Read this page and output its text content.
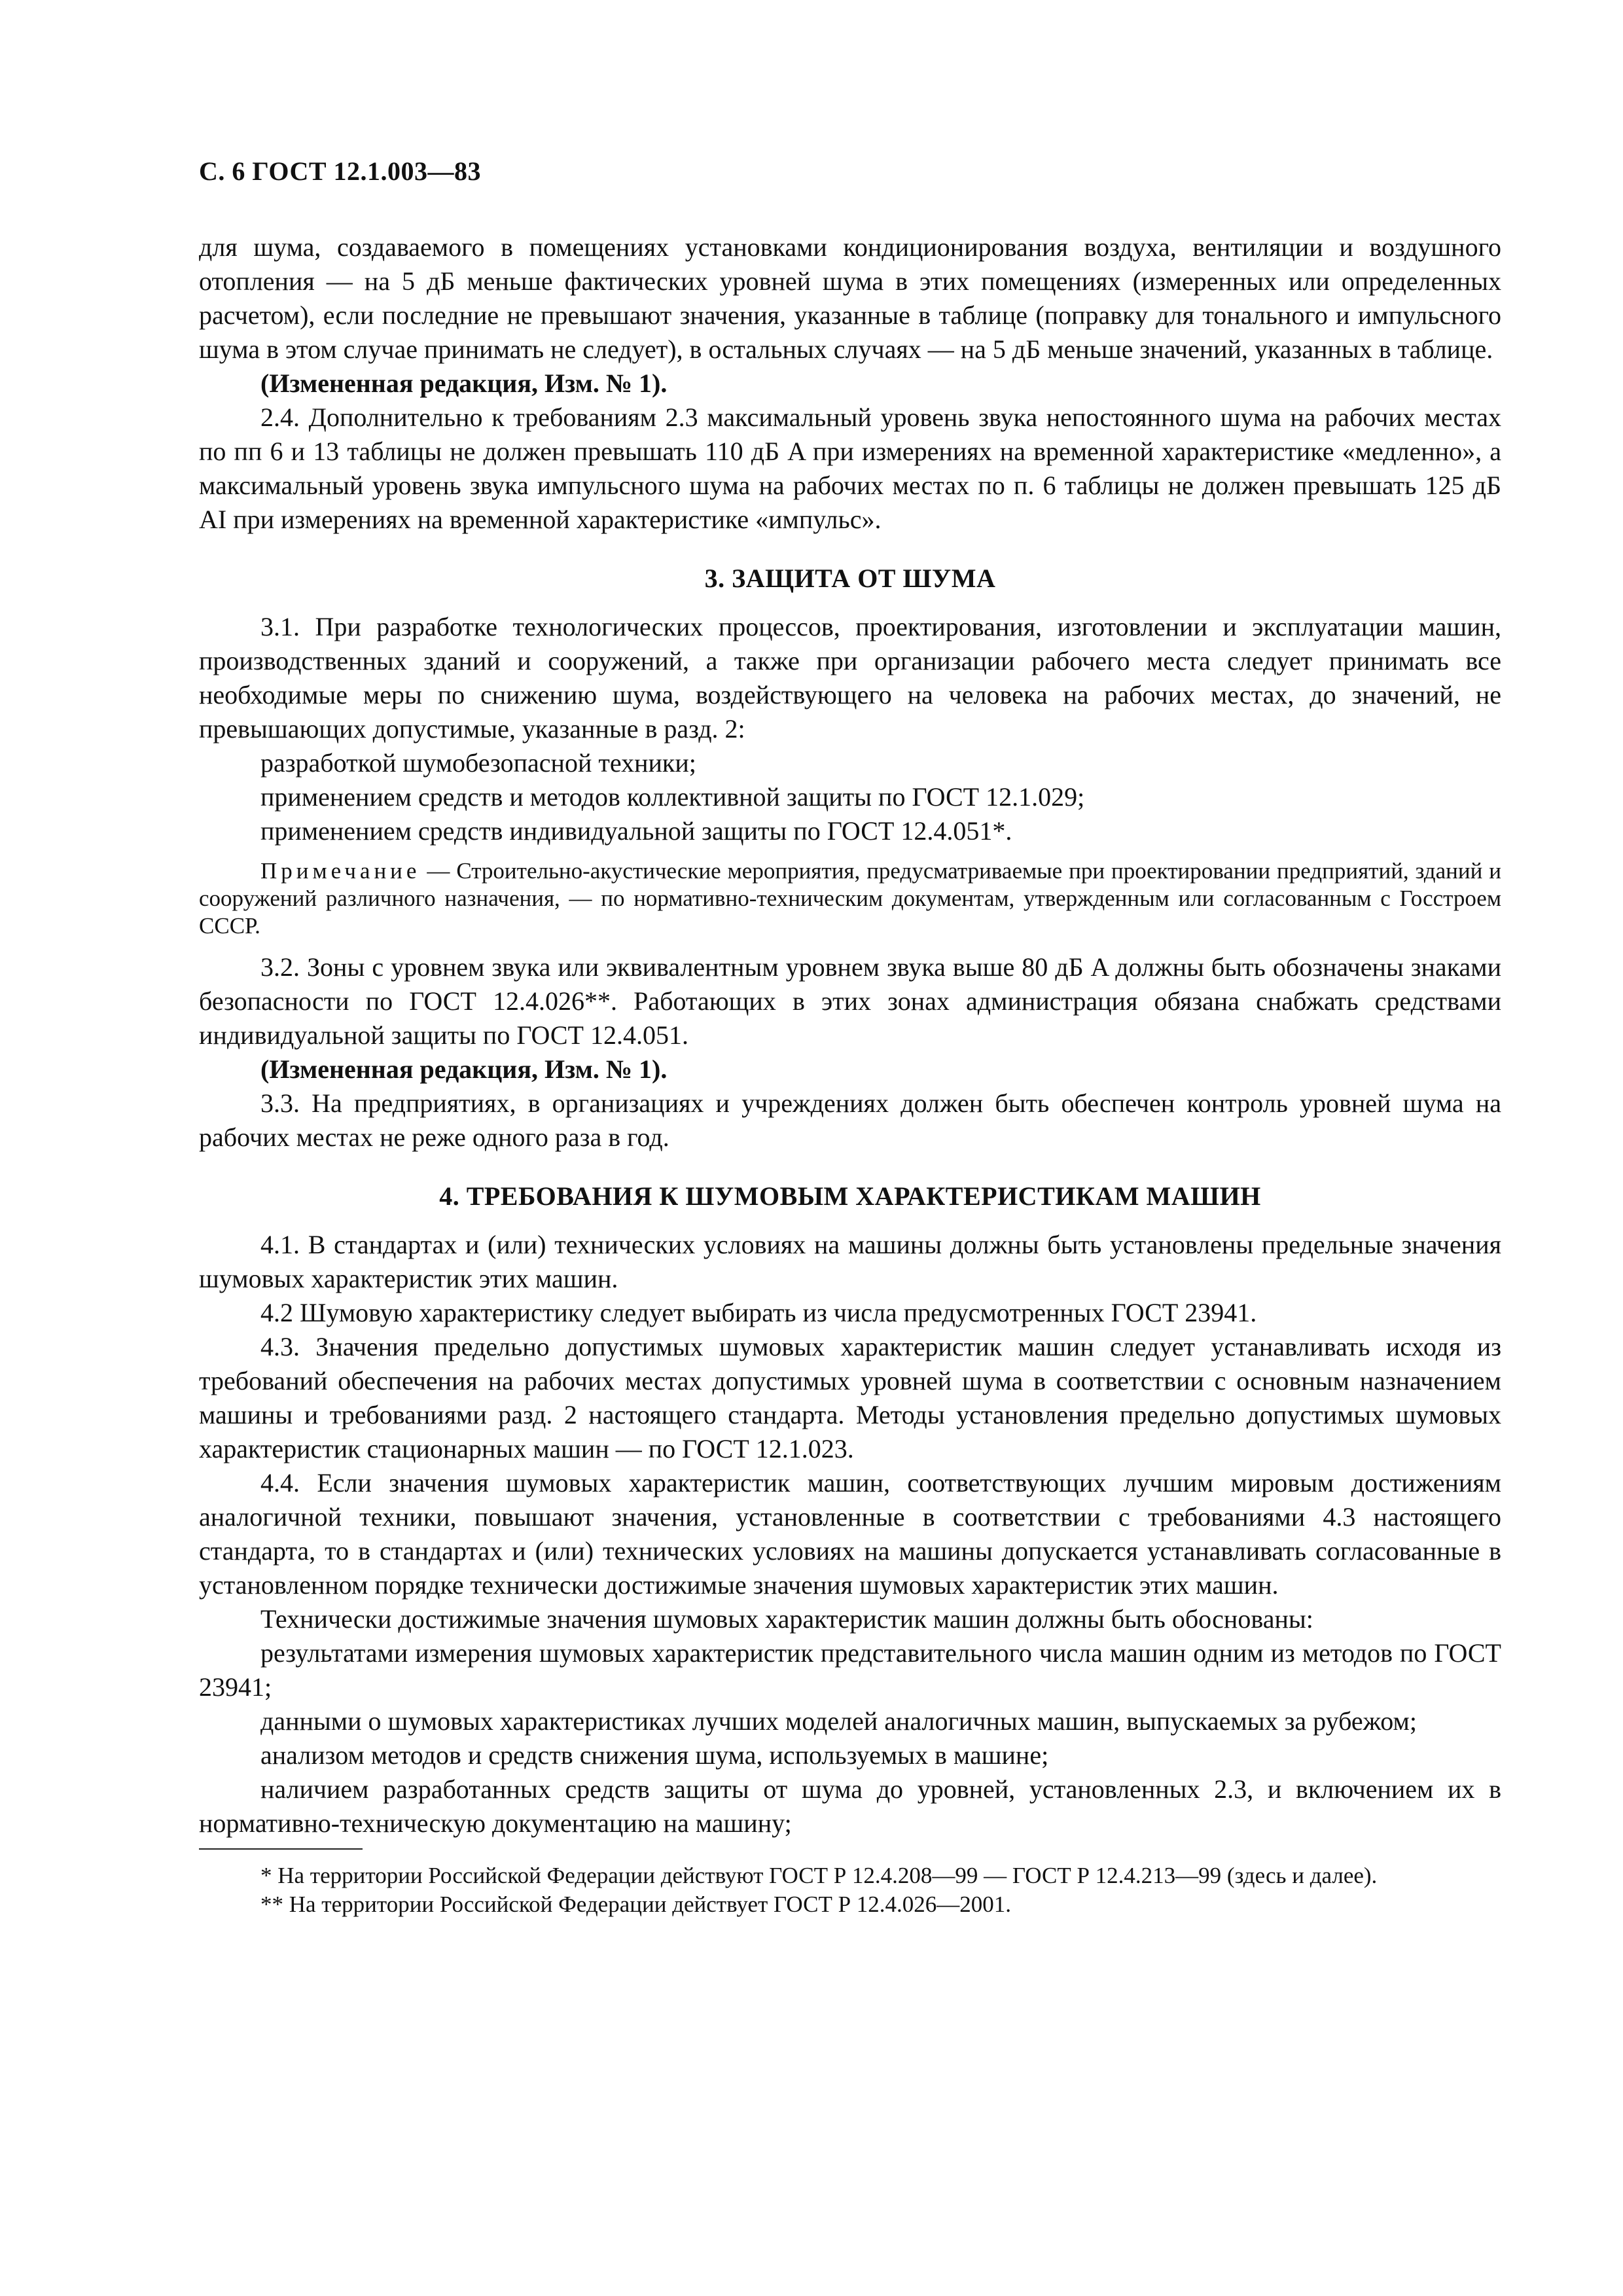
С. 6 ГОСТ 12.1.003—83

для шума, создаваемого в помещениях установками кондиционирования воздуха, вентиляции и воздушного отопления — на 5 дБ меньше фактических уровней шума в этих помещениях (измеренных или определенных расчетом), если последние не превышают значения, указанные в таблице (поправку для тонального и импульсного шума в этом случае принимать не следует), в остальных случаях — на 5 дБ меньше значений, указанных в таблице.

(Измененная редакция, Изм. № 1).

2.4. Дополнительно к требованиям 2.3 максимальный уровень звука непостоянного шума на рабочих местах по пп 6 и 13 таблицы не должен превышать 110 дБ A при измерениях на временной характеристике «медленно», а максимальный уровень звука импульсного шума на рабочих местах по п. 6 таблицы не должен превышать 125 дБ AI при измерениях на временной характеристике «импульс».

3. ЗАЩИТА ОТ ШУМА

3.1. При разработке технологических процессов, проектирования, изготовлении и эксплуатации машин, производственных зданий и сооружений, а также при организации рабочего места следует принимать все необходимые меры по снижению шума, воздействующего на человека на рабочих местах, до значений, не превышающих допустимые, указанные в разд. 2:

разработкой шумобезопасной техники;

применением средств и методов коллективной защиты по ГОСТ 12.1.029;

применением средств индивидуальной защиты по ГОСТ 12.4.051*.

Примечание — Строительно-акустические мероприятия, предусматриваемые при проектировании предприятий, зданий и сооружений различного назначения, — по нормативно-техническим документам, утвержденным или согласованным с Госстроем СССР.

3.2. Зоны с уровнем звука или эквивалентным уровнем звука выше 80 дБ A должны быть обозначены знаками безопасности по ГОСТ 12.4.026**. Работающих в этих зонах администрация обязана снабжать средствами индивидуальной защиты по ГОСТ 12.4.051.

(Измененная редакция, Изм. № 1).

3.3. На предприятиях, в организациях и учреждениях должен быть обеспечен контроль уровней шума на рабочих местах не реже одного раза в год.

4. ТРЕБОВАНИЯ К ШУМОВЫМ ХАРАКТЕРИСТИКАМ МАШИН

4.1. В стандартах и (или) технических условиях на машины должны быть установлены предельные значения шумовых характеристик этих машин.

4.2 Шумовую характеристику следует выбирать из числа предусмотренных ГОСТ 23941.

4.3. Значения предельно допустимых шумовых характеристик машин следует устанавливать исходя из требований обеспечения на рабочих местах допустимых уровней шума в соответствии с основным назначением машины и требованиями разд. 2 настоящего стандарта. Методы установления предельно допустимых шумовых характеристик стационарных машин — по ГОСТ 12.1.023.

4.4. Если значения шумовых характеристик машин, соответствующих лучшим мировым достижениям аналогичной техники, повышают значения, установленные в соответствии с требованиями 4.3 настоящего стандарта, то в стандартах и (или) технических условиях на машины допускается устанавливать согласованные в установленном порядке технически достижимые значения шумовых характеристик этих машин.

Технически достижимые значения шумовых характеристик машин должны быть обоснованы:

результатами измерения шумовых характеристик представительного числа машин одним из методов по ГОСТ 23941;

данными о шумовых характеристиках лучших моделей аналогичных машин, выпускаемых за рубежом;

анализом методов и средств снижения шума, используемых в машине;

наличием разработанных средств защиты от шума до уровней, установленных 2.3, и включением их в нормативно-техническую документацию на машину;

* На территории Российской Федерации действуют ГОСТ Р 12.4.208—99 — ГОСТ Р 12.4.213—99 (здесь и далее).

** На территории Российской Федерации действует ГОСТ Р 12.4.026—2001.
